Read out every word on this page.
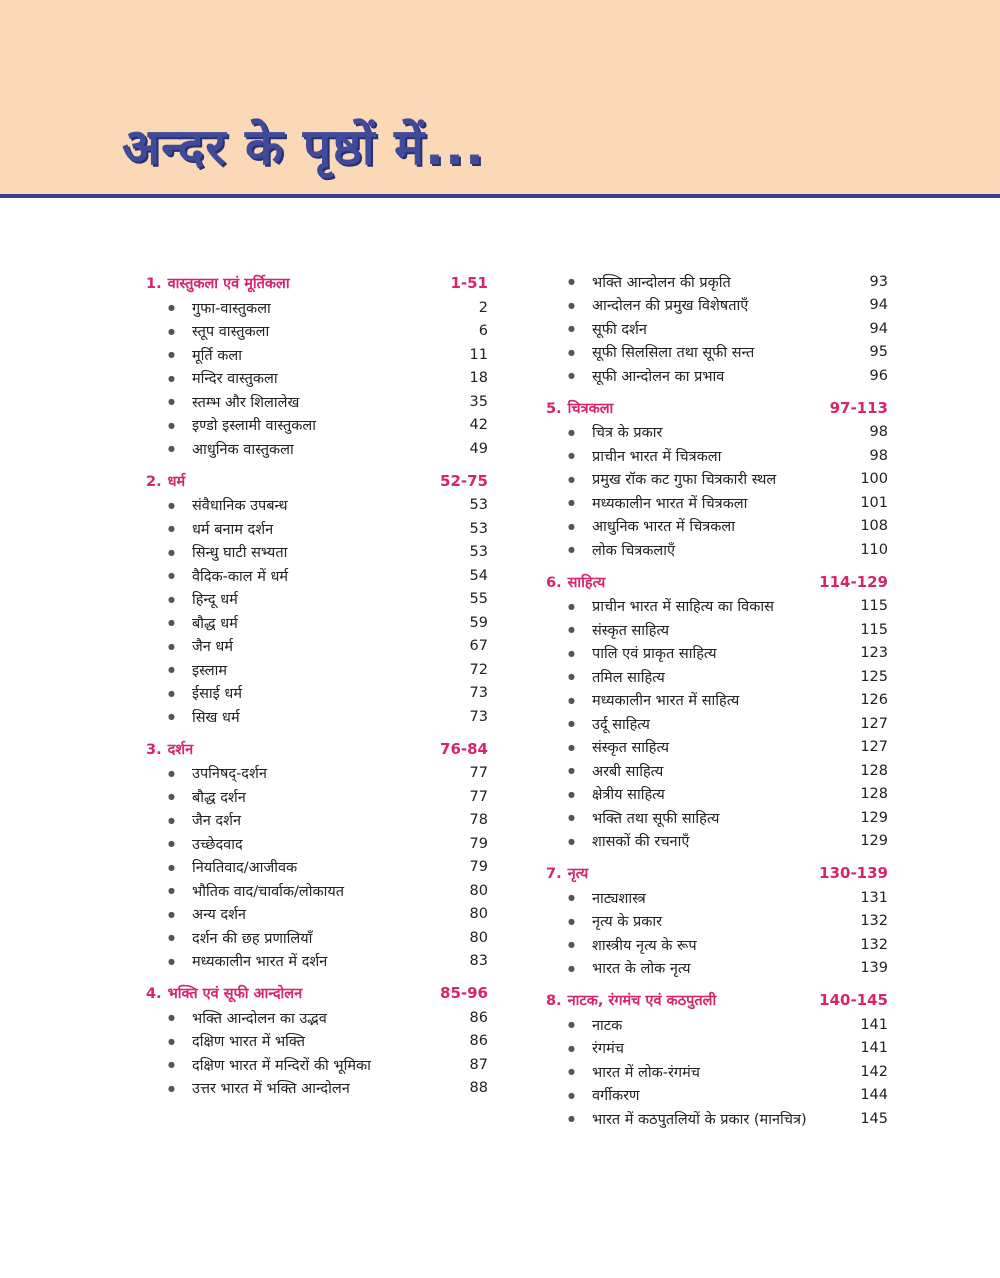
अन्दर के पृष्ठों में...
1. वास्तुकला एवं मूर्तिकला	1-51
●	गुफा-वास्तुकला	2
●	स्तूप वास्तुकला	6
●	मूर्ति कला	11
●	मन्दिर वास्तुकला	18
●	स्तम्भ और शिलालेख	35
●	इण्डो इस्लामी वास्तुकला	42
●	आधुनिक वास्तुकला	49
2. धर्म	52-75
●	संवैधानिक उपबन्ध	53
●	धर्म बनाम दर्शन	53
●	सिन्धु घाटी सभ्यता	53
●	वैदिक-काल में धर्म	54
●	हिन्दू धर्म	55
●	बौद्ध धर्म	59
●	जैन धर्म	67
●	इस्लाम	72
●	ईसाई धर्म	73
●	सिख धर्म	73
3. दर्शन	76-84
●	उपनिषद्-दर्शन	77
●	बौद्ध दर्शन	77
●	जैन दर्शन	78
●	उच्छेदवाद	79
●	नियतिवाद/आजीवक	79
●	भौतिक वाद/चार्वाक/लोकायत	80
●	अन्य दर्शन	80
●	दर्शन की छह प्रणालियाँ	80
●	मध्यकालीन भारत में दर्शन	83
4. भक्ति एवं सूफी आन्दोलन	85-96
●	भक्ति आन्दोलन का उद्भव	86
●	दक्षिण भारत में भक्ति	86
●	दक्षिण भारत में मन्दिरों की भूमिका	87
●	उत्तर भारत में भक्ति आन्दोलन	88
●	भक्ति आन्दोलन की प्रकृति	93
●	आन्दोलन की प्रमुख विशेषताएँ	94
●	सूफी दर्शन	94
●	सूफी सिलसिला तथा सूफी सन्त	95
●	सूफी आन्दोलन का प्रभाव	96
5. चित्रकला	97-113
●	चित्र के प्रकार	98
●	प्राचीन भारत में चित्रकला	98
●	प्रमुख रॉक कट गुफा चित्रकारी स्थल	100
●	मध्यकालीन भारत में चित्रकला	101
●	आधुनिक भारत में चित्रकला	108
●	लोक चित्रकलाएँ	110
6. साहित्य	114-129
●	प्राचीन भारत में साहित्य का विकास	115
●	संस्कृत साहित्य	115
●	पालि एवं प्राकृत साहित्य	123
●	तमिल साहित्य	125
●	मध्यकालीन भारत में साहित्य	126
●	उर्दू साहित्य	127
●	संस्कृत साहित्य	127
●	अरबी साहित्य	128
●	क्षेत्रीय साहित्य	128
●	भक्ति तथा सूफी साहित्य	129
●	शासकों की रचनाएँ	129
7. नृत्य	130-139
●	नाट्यशास्त्र	131
●	नृत्य के प्रकार	132
●	शास्त्रीय नृत्य के रूप	132
●	भारत के लोक नृत्य	139
8. नाटक, रंगमंच एवं कठपुतली	140-145
●	नाटक	141
●	रंगमंच	141
●	भारत में लोक-रंगमंच	142
●	वर्गीकरण	144
●	भारत में कठपुतलियों के प्रकार (मानचित्र)	145
